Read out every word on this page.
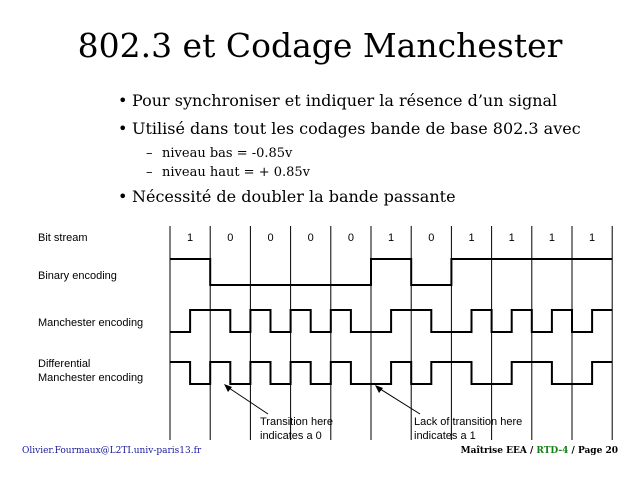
802.3 et Codage Manchester
• Pour synchroniser et indiquer la résence d’un signal
• Utilisé dans tout les codages bande de base 802.3 avec
– niveau bas = -0.85v
– niveau haut = + 0.85v
• Nécessité de doubler la bande passante
Bit stream
Binary encoding
Manchester encoding
Differential
Manchester encoding
1	0	0	0	0	1	0	1	1	1	1
Transition here
indicates a 0
Lack of transition here
indicates a 1
Olivier.Fourmaux@L2TI.univ-paris13.fr	Maîtrise EEA / RTD-4 / Page 20
